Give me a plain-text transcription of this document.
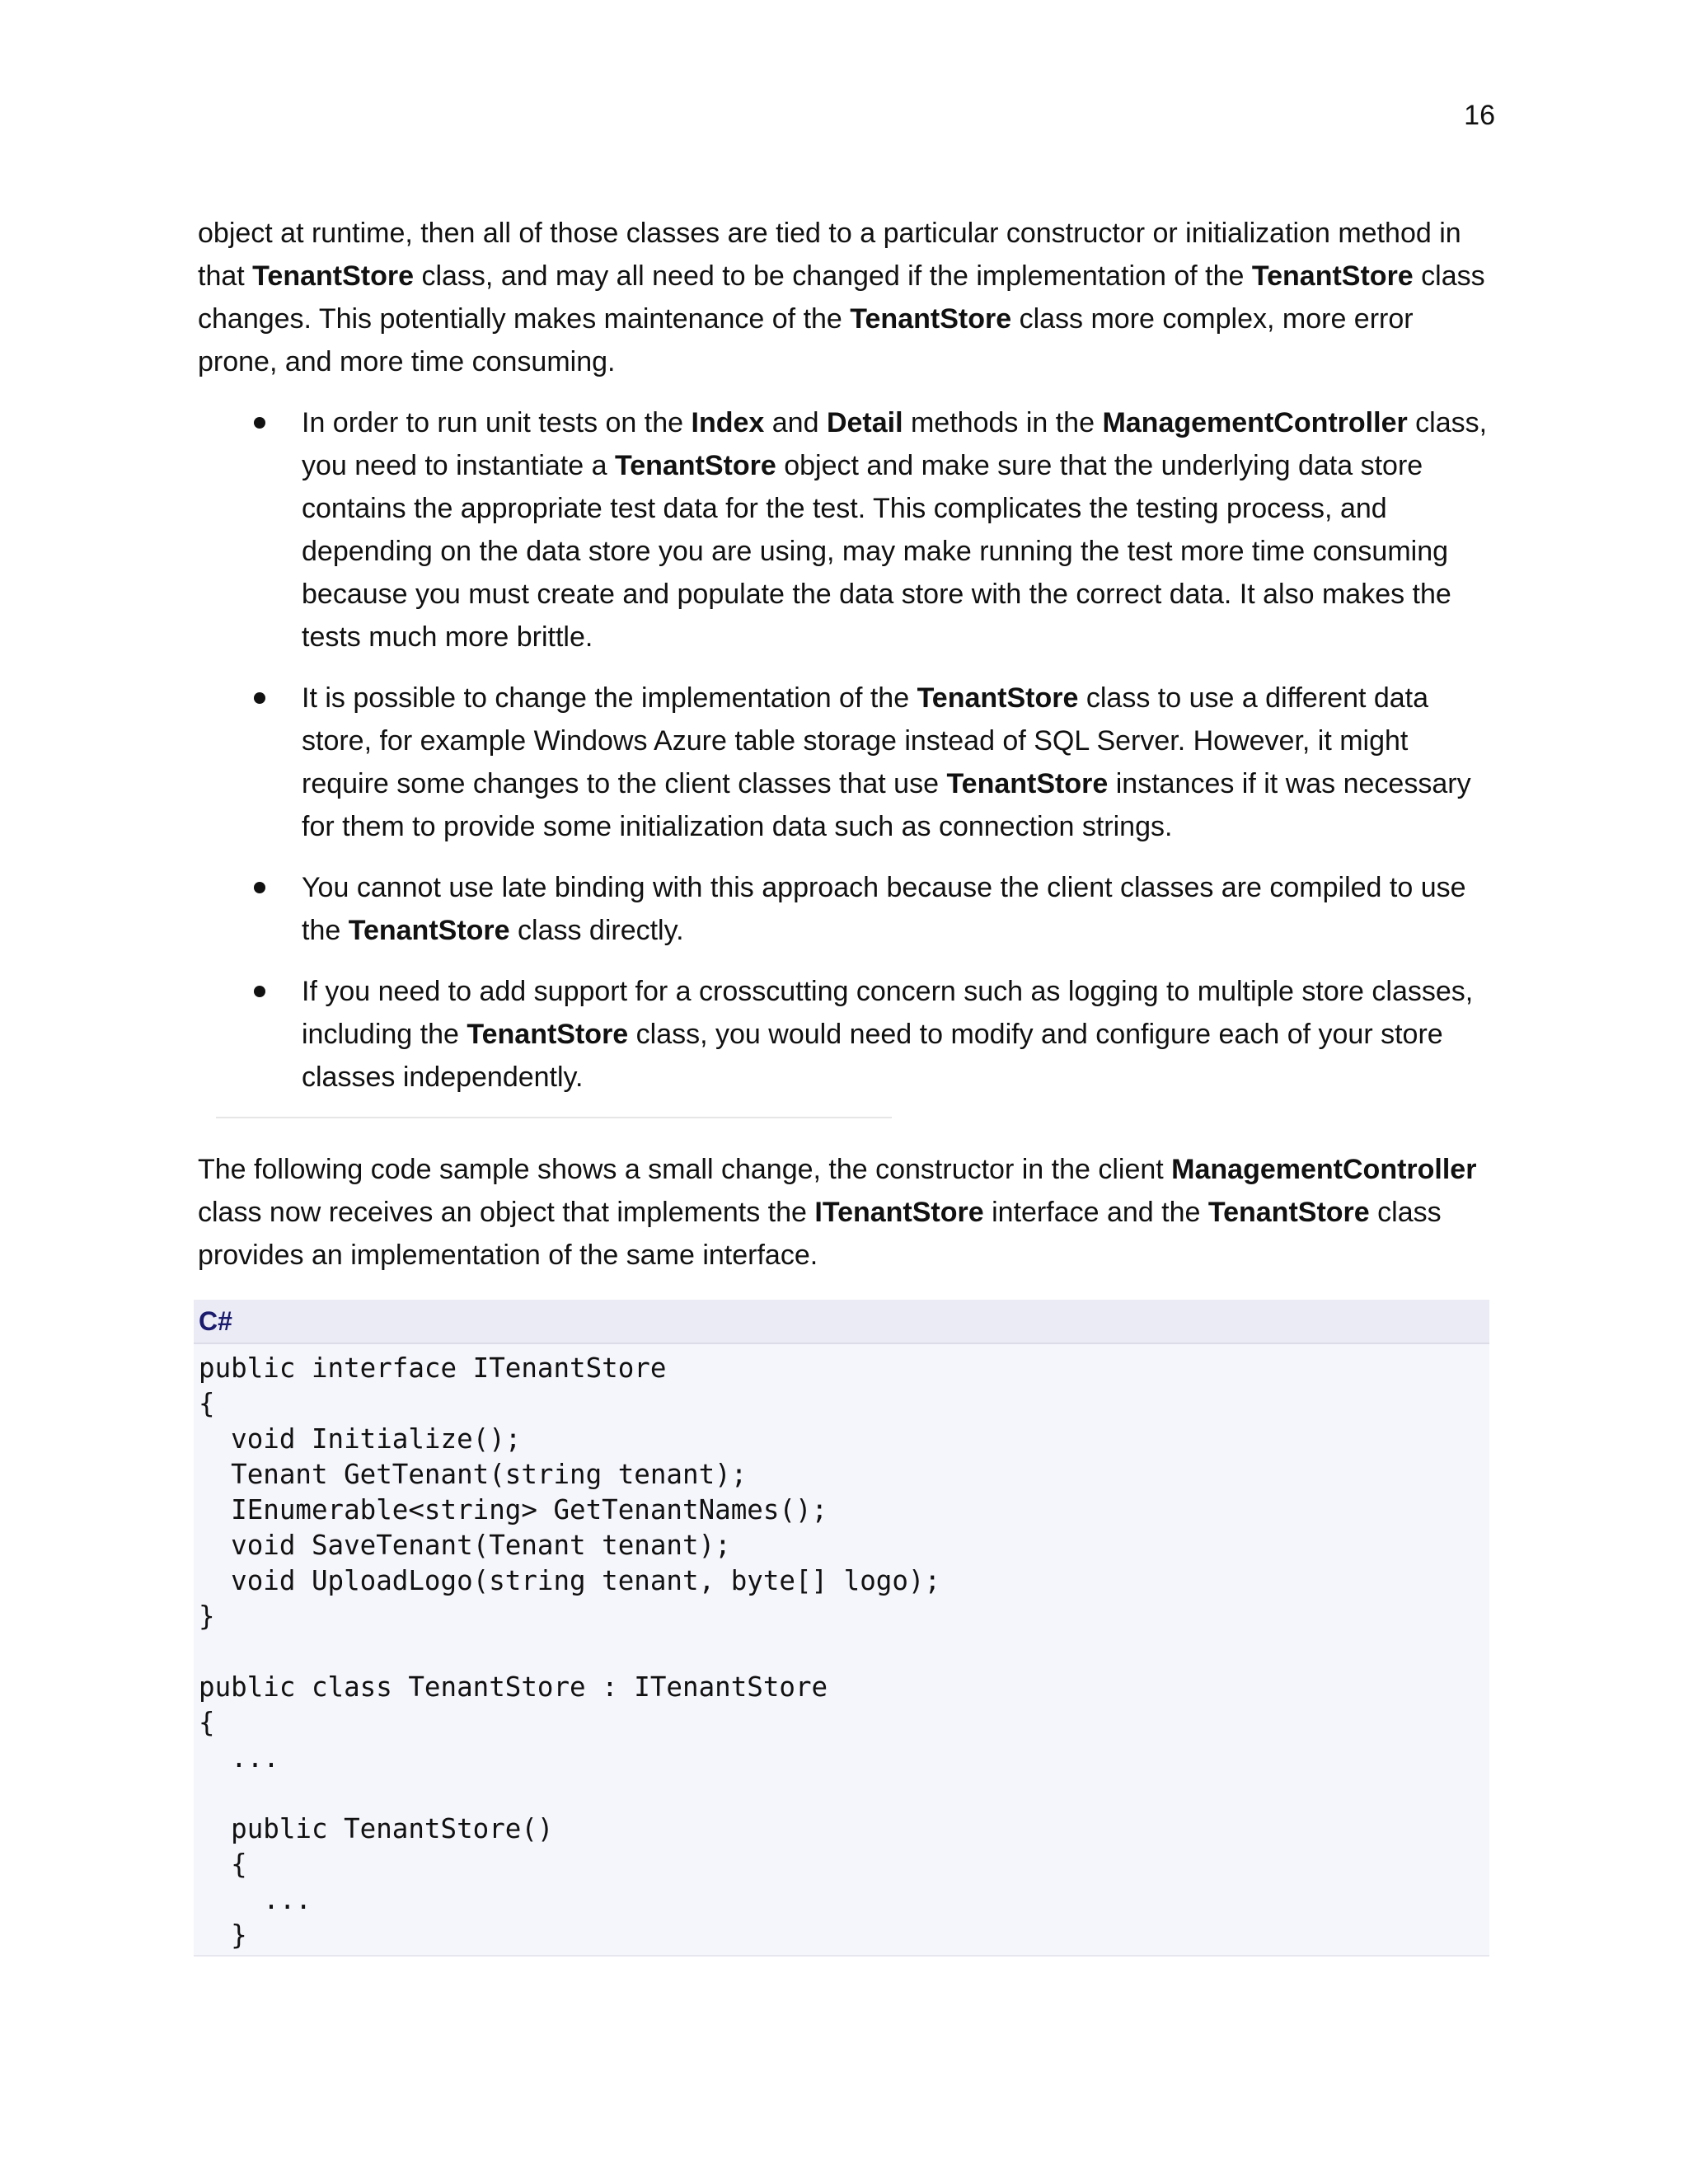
16

object at runtime, then all of those classes are tied to a particular constructor or initialization method in that TenantStore class, and may all need to be changed if the implementation of the TenantStore class changes. This potentially makes maintenance of the TenantStore class more complex, more error prone, and more time consuming.

In order to run unit tests on the Index and Detail methods in the ManagementController class, you need to instantiate a TenantStore object and make sure that the underlying data store contains the appropriate test data for the test. This complicates the testing process, and depending on the data store you are using, may make running the test more time consuming because you must create and populate the data store with the correct data. It also makes the tests much more brittle.
It is possible to change the implementation of the TenantStore class to use a different data store, for example Windows Azure table storage instead of SQL Server. However, it might require some changes to the client classes that use TenantStore instances if it was necessary for them to provide some initialization data such as connection strings.
You cannot use late binding with this approach because the client classes are compiled to use the TenantStore class directly.
If you need to add support for a crosscutting concern such as logging to multiple store classes, including the TenantStore class, you would need to modify and configure each of your store classes independently.

The following code sample shows a small change, the constructor in the client ManagementController class now receives an object that implements the ITenantStore interface and the TenantStore class provides an implementation of the same interface.

C#
public interface ITenantStore
{
void Initialize();
Tenant GetTenant(string tenant);
IEnumerable<string> GetTenantNames();
void SaveTenant(Tenant tenant);
void UploadLogo(string tenant, byte[] logo);
}
public class TenantStore : ITenantStore
{
...
public TenantStore()
{
...
}
